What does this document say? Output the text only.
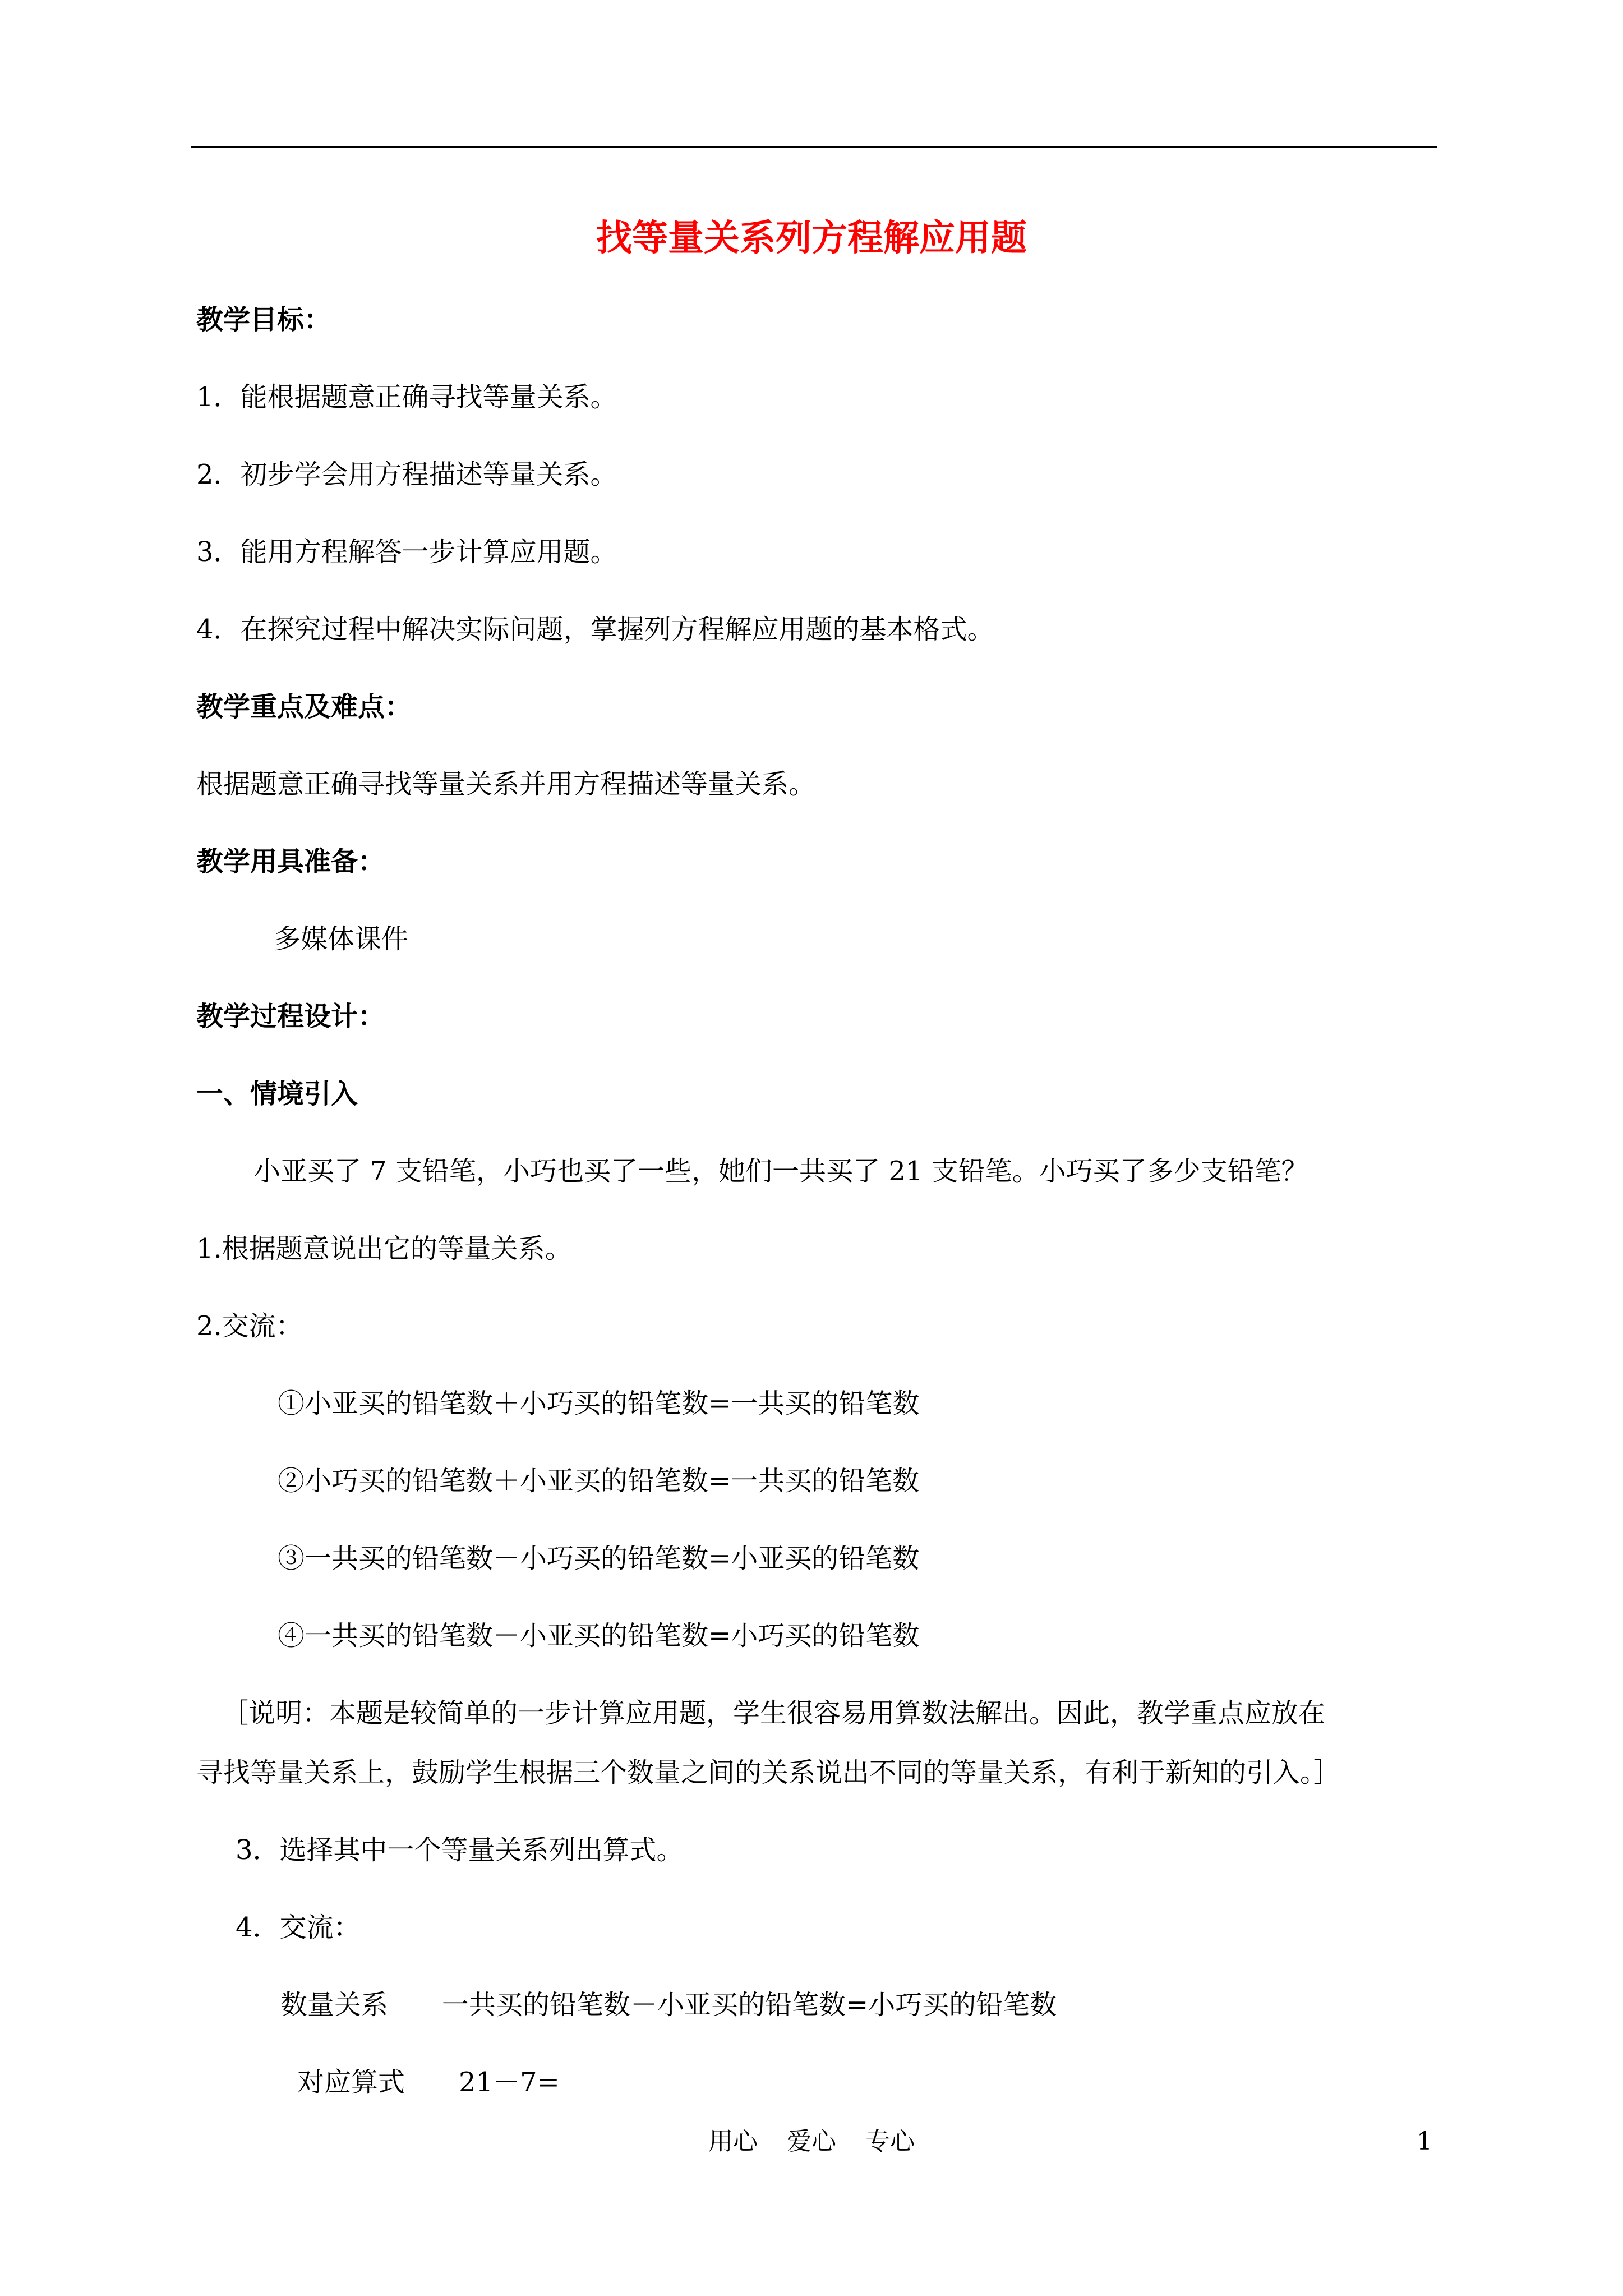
找等量关系列方程解应用题
教学目标：
1．能根据题意正确寻找等量关系。
2．初步学会用方程描述等量关系。
3．能用方程解答一步计算应用题。
4．在探究过程中解决实际问题，掌握列方程解应用题的基本格式。
教学重点及难点：
根据题意正确寻找等量关系并用方程描述等量关系。
教学用具准备：
多媒体课件
教学过程设计：
一、情境引入
小亚买了 7 支铅笔，小巧也买了一些，她们一共买了 21 支铅笔。小巧买了多少支铅笔？
1.根据题意说出它的等量关系。
2.交流：
①小亚买的铅笔数＋小巧买的铅笔数=一共买的铅笔数
②小巧买的铅笔数＋小亚买的铅笔数=一共买的铅笔数
③一共买的铅笔数－小巧买的铅笔数=小亚买的铅笔数
④一共买的铅笔数－小亚买的铅笔数=小巧买的铅笔数
［说明：本题是较简单的一步计算应用题，学生很容易用算数法解出。因此，教学重点应放在
寻找等量关系上，鼓励学生根据三个数量之间的关系说出不同的等量关系，有利于新知的引入。］
3．选择其中一个等量关系列出算式。
4．交流：
数量关系 一共买的铅笔数－小亚买的铅笔数=小巧买的铅笔数
对应算式 21－7=
用心 爱心 专心	1
